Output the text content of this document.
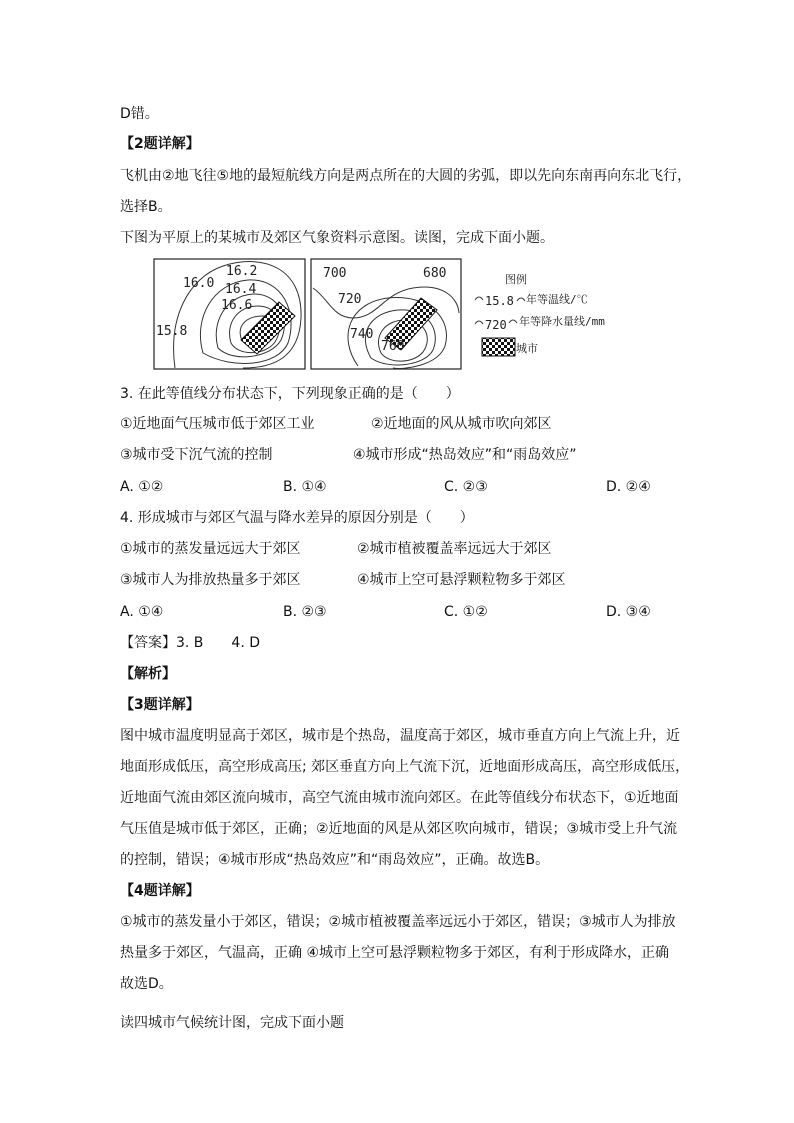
D错。
【2题详解】
飞机由②地飞往⑤地的最短航线方向是两点所在的大圆的劣弧，即以先向东南再向东北飞行，
选择B。
下图为平原上的某城市及郊区气象资料示意图。读图，完成下面小题。
16.2
16.0 16.4
16.6
15.8
700	680
720
740
760
图例
15.8 年等温线/℃
720 年等降水量线/mm
城市
3. 在此等值线分布状态下，下列现象正确的是（　　）
①近地面气压城市低于郊区工业	②近地面的风从城市吹向郊区
③城市受下沉气流的控制	④城市形成“热岛效应”和“雨岛效应”
A. ①②	B. ①④	C. ②③	D. ②④
4. 形成城市与郊区气温与降水差异的原因分别是（　　）
①城市的蒸发量远远大于郊区	②城市植被覆盖率远远大于郊区
③城市人为排放热量多于郊区	④城市上空可悬浮颗粒物多于郊区
A. ①④	B. ②③	C. ①②	D. ③④
【答案】3. B　　4. D
【解析】
【3题详解】
图中城市温度明显高于郊区，城市是个热岛，温度高于郊区，城市垂直方向上气流上升，近
地面形成低压，高空形成高压; 郊区垂直方向上气流下沉，近地面形成高压，高空形成低压，
近地面气流由郊区流向城市，高空气流由城市流向郊区。在此等值线分布状态下，①近地面
气压值是城市低于郊区，正确；②近地面的风是从郊区吹向城市，错误；③城市受上升气流
的控制，错误；④城市形成“热岛效应”和“雨岛效应”，正确。故选B。
【4题详解】
①城市的蒸发量小于郊区，错误；②城市植被覆盖率远远小于郊区，错误；③城市人为排放
热量多于郊区，气温高，正确 ④城市上空可悬浮颗粒物多于郊区，有利于形成降水，正确
故选D。
读四城市气候统计图，完成下面小题
